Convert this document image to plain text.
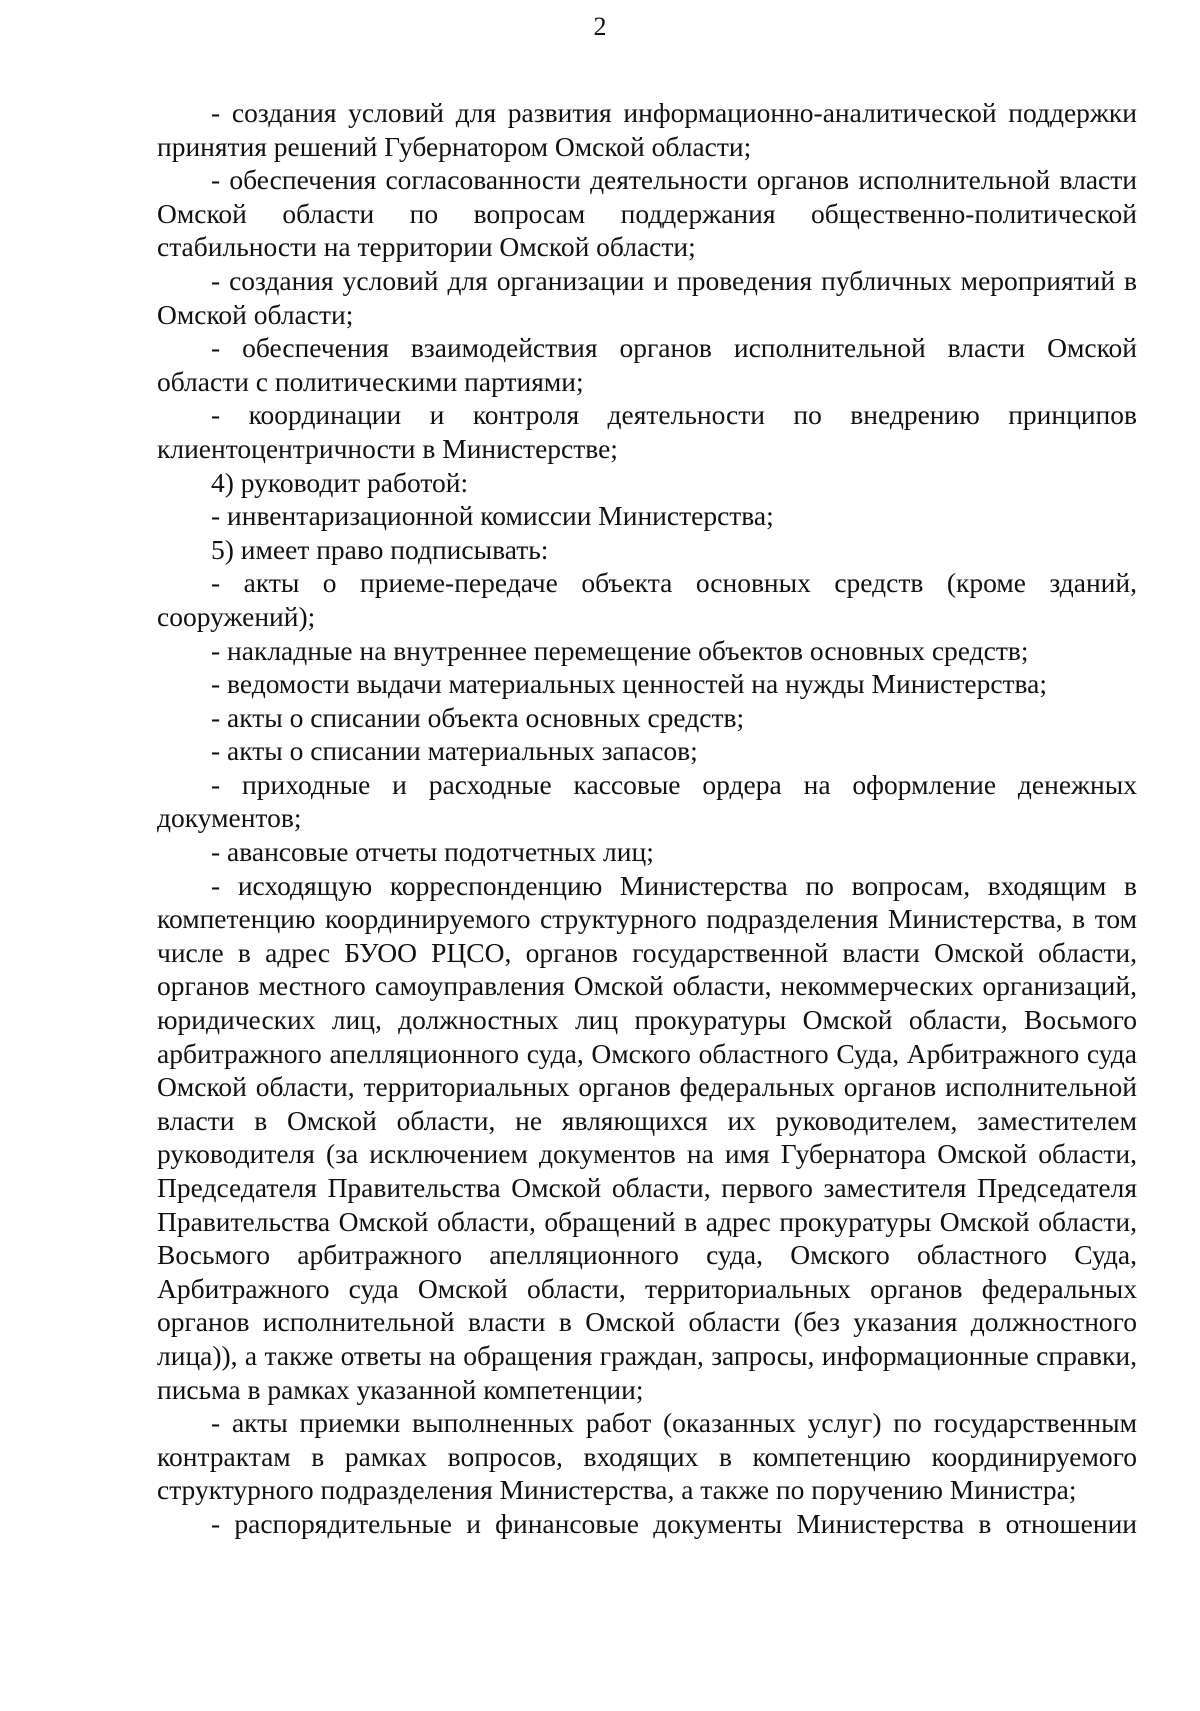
2

- создания условий для развития информационно-аналитической поддержки принятия решений Губернатором Омской области;

- обеспечения согласованности деятельности органов исполнительной власти Омской области по вопросам поддержания общественно-политической стабильности на территории Омской области;

- создания условий для организации и проведения публичных мероприятий в Омской области;

- обеспечения взаимодействия органов исполнительной власти Омской области с политическими партиями;

- координации и контроля деятельности по внедрению принципов клиентоцентричности в Министерстве;

4) руководит работой:

- инвентаризационной комиссии Министерства;

5) имеет право подписывать:

- акты о приеме-передаче объекта основных средств (кроме зданий, сооружений);

- накладные на внутреннее перемещение объектов основных средств;

- ведомости выдачи материальных ценностей на нужды Министерства;

- акты о списании объекта основных средств;

- акты о списании материальных запасов;

- приходные и расходные кассовые ордера на оформление денежных документов;

- авансовые отчеты подотчетных лиц;

- исходящую корреспонденцию Министерства по вопросам, входящим в компетенцию координируемого структурного подразделения Министерства, в том числе в адрес БУОО РЦСО, органов государственной власти Омской области, органов местного самоуправления Омской области, некоммерческих организаций, юридических лиц, должностных лиц прокуратуры Омской области, Восьмого арбитражного апелляционного суда, Омского областного Суда, Арбитражного суда Омской области, территориальных органов федеральных органов исполнительной власти в Омской области, не являющихся их руководителем, заместителем руководителя (за исключением документов на имя Губернатора Омской области, Председателя Правительства Омской области, первого заместителя Председателя Правительства Омской области, обращений в адрес прокуратуры Омской области, Восьмого арбитражного апелляционного суда, Омского областного Суда, Арбитражного суда Омской области, территориальных органов федеральных органов исполнительной власти в Омской области (без указания должностного лица)), а также ответы на обращения граждан, запросы, информационные справки, письма в рамках указанной компетенции;

- акты приемки выполненных работ (оказанных услуг) по государственным контрактам в рамках вопросов, входящих в компетенцию координируемого структурного подразделения Министерства, а также по поручению Министра;

- распорядительные и финансовые документы Министерства в отношении
